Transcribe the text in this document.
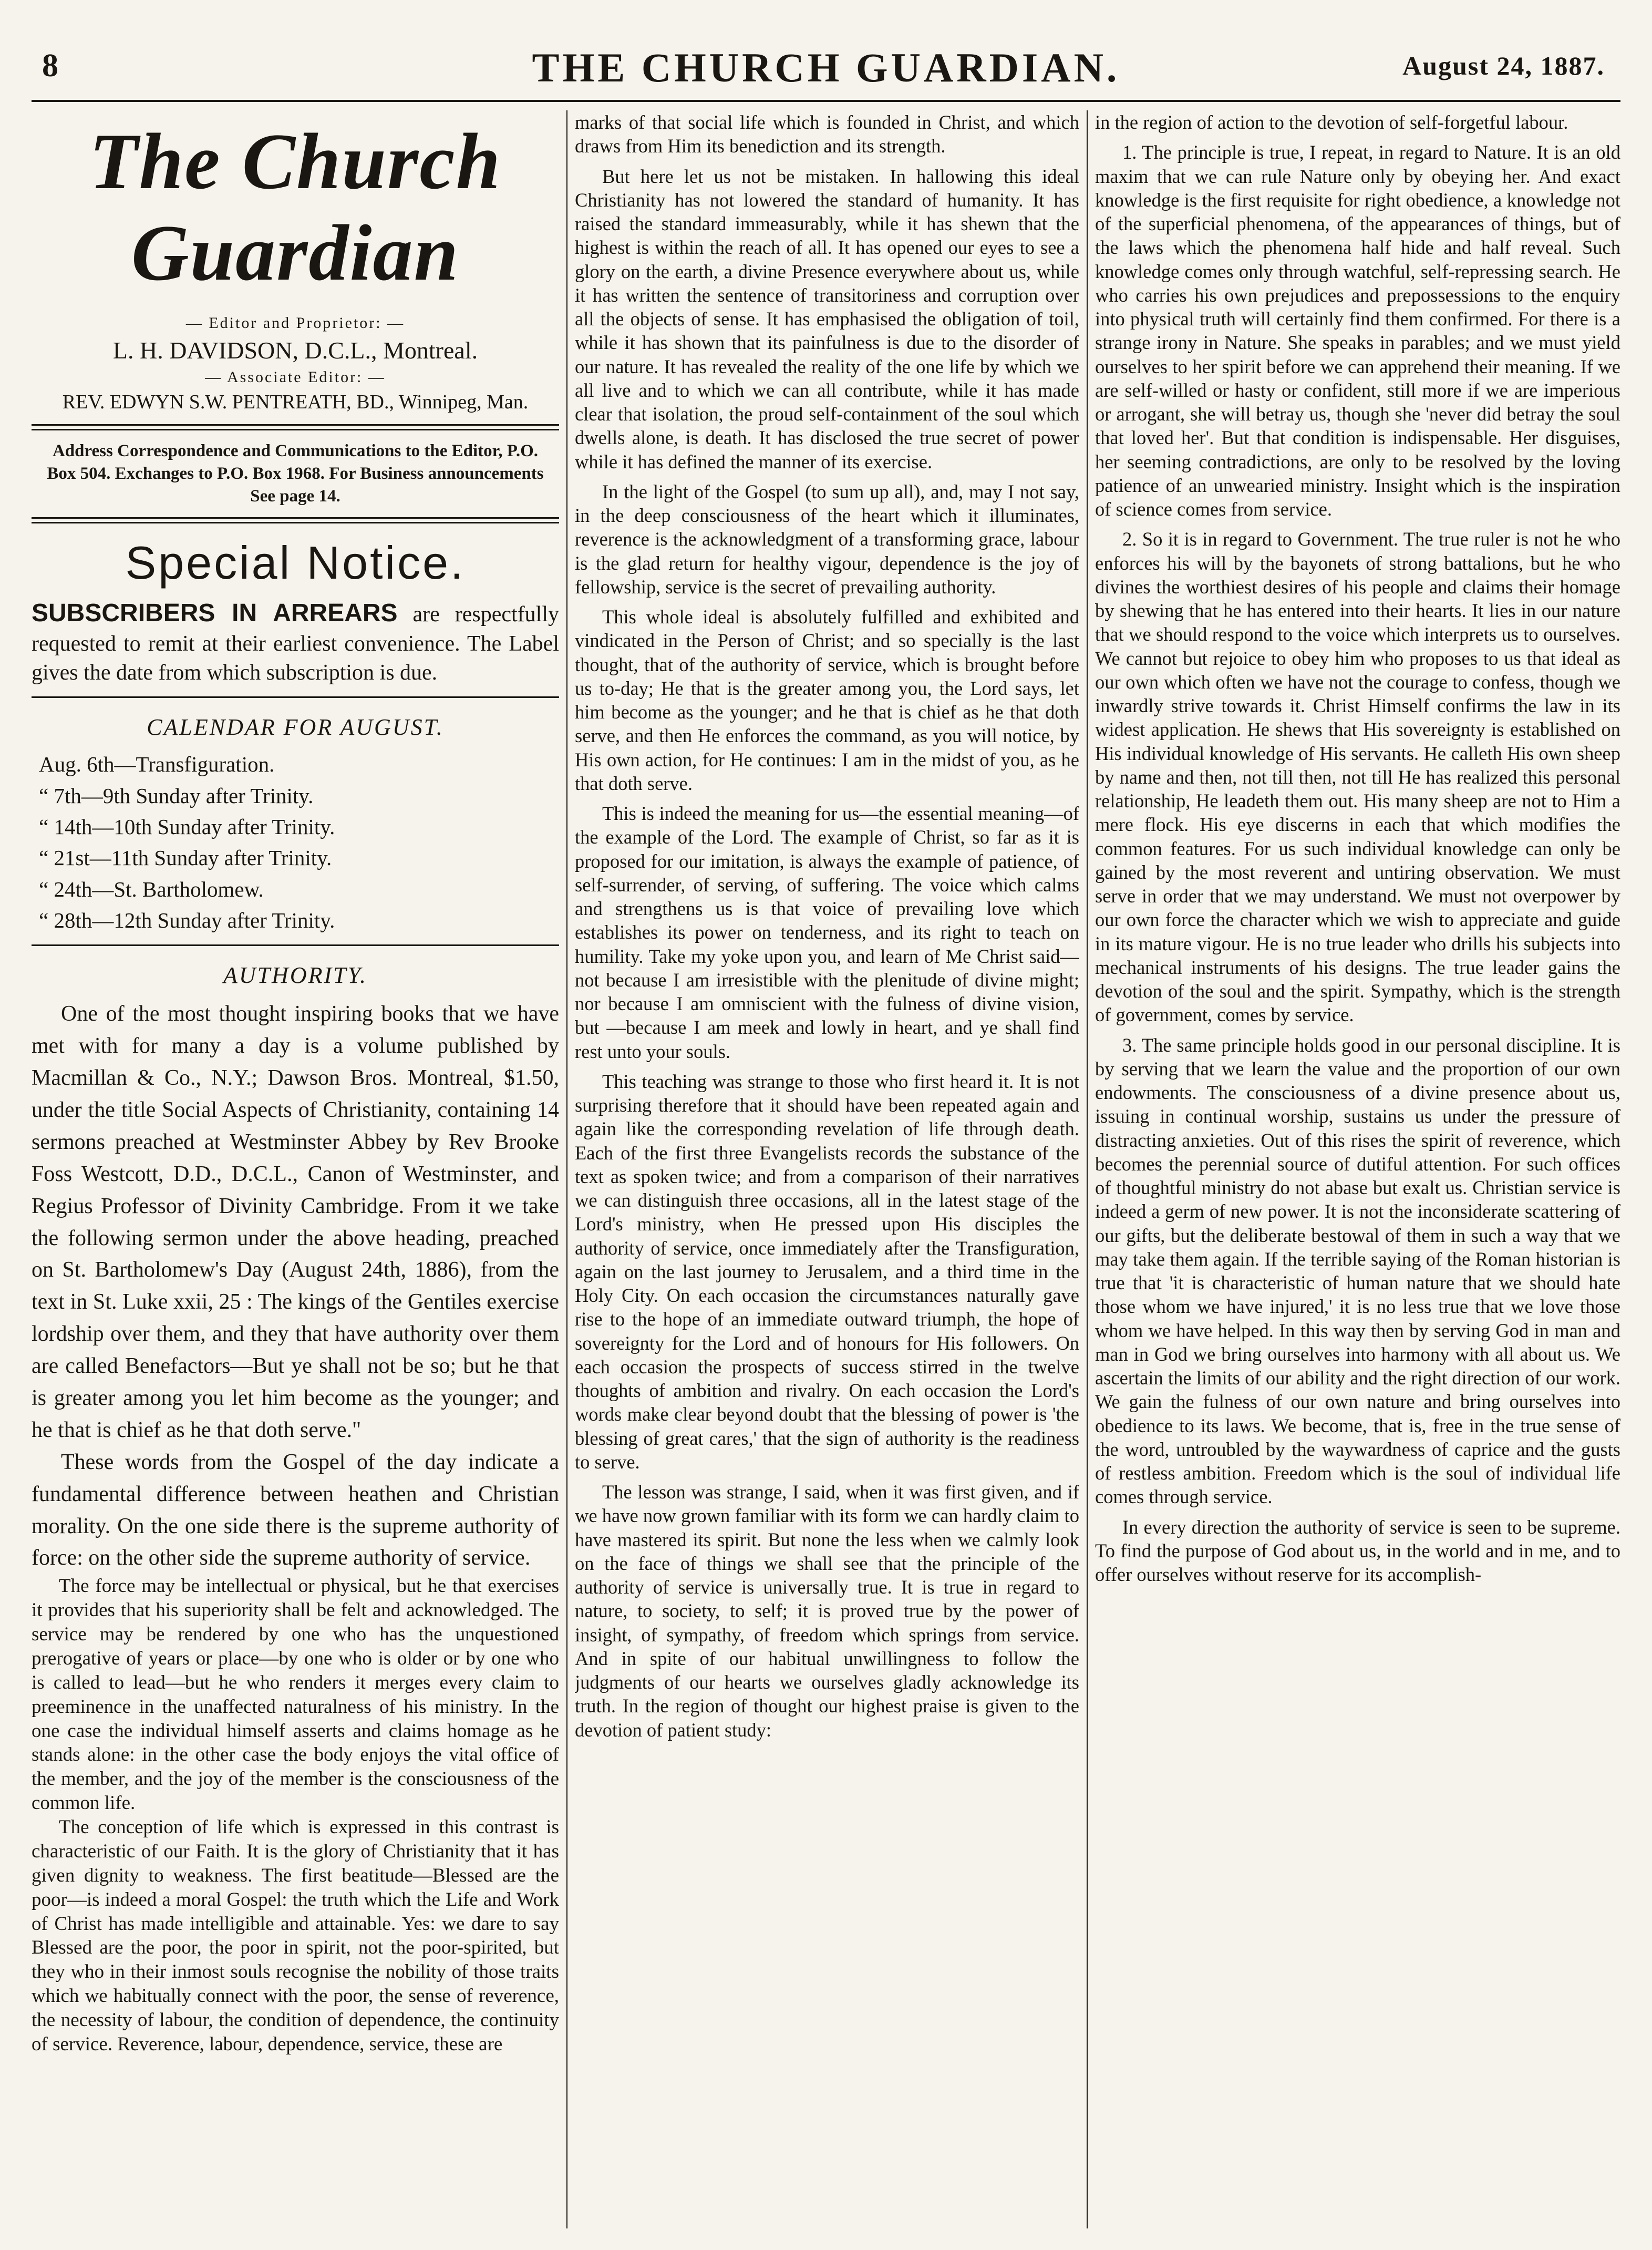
8	THE CHURCH GUARDIAN.	August 24, 1887.
The Church Guardian
— Editor and Proprietor: —
L. H. DAVIDSON, D.C.L., Montreal.
— Associate Editor: —
REV. EDWYN S.W. PENTREATH, BD., Winnipeg, Man.
Address Correspondence and Communications to the Editor, P.O. Box 504. Exchanges to P.O. Box 1968. For Business announcements See page 14.
Special Notice.
SUBSCRIBERS IN ARREARS are respectfully requested to remit at their earliest convenience. The Label gives the date from which subscription is due.
CALENDAR FOR AUGUST.
Aug. 6th—Transfiguration.
“ 7th—9th Sunday after Trinity.
“ 14th—10th Sunday after Trinity.
“ 21st—11th Sunday after Trinity.
“ 24th—St. Bartholomew.
“ 28th—12th Sunday after Trinity.
AUTHORITY.

One of the most thought inspiring books that we have met with for many a day is a volume published by Macmillan & Co., N.Y.; Dawson Bros. Montreal, $1.50, under the title Social Aspects of Christianity, containing 14 sermons preached at Westminster Abbey by Rev Brooke Foss Westcott, D.D., D.C.L., Canon of Westminster, and Regius Professor of Divinity Cambridge. From it we take the following sermon under the above heading, preached on St. Bartholomew's Day (August 24th, 1886), from the text in St. Luke xxii, 25 : The kings of the Gentiles exercise lordship over them, and they that have authority over them are called Benefactors—But ye shall not be so; but he that is greater among you let him become as the younger; and he that is chief as he that doth serve."

These words from the Gospel of the day indicate a fundamental difference between heathen and Christian morality. On the one side there is the supreme authority of force: on the other side the supreme authority of service.

The force may be intellectual or physical, but he that exercises it provides that his superiority shall be felt and acknowledged. The service may be rendered by one who has the unquestioned prerogative of years or place—by one who is older or by one who is called to lead—but he who renders it merges every claim to preeminence in the unaffected naturalness of his ministry. In the one case the individual himself asserts and claims homage as he stands alone: in the other case the body enjoys the vital office of the member, and the joy of the member is the consciousness of the common life.

The conception of life which is expressed in this contrast is characteristic of our Faith. It is the glory of Christianity that it has given dignity to weakness. The first beatitude—Blessed are the poor—is indeed a moral Gospel: the truth which the Life and Work of Christ has made intelligible and attainable. Yes: we dare to say Blessed are the poor, the poor in spirit, not the poor-spirited, but they who in their inmost souls recognise the nobility of those traits which we habitually connect with the poor, the sense of reverence, the necessity of labour, the condition of dependence, the continuity of service. Reverence, labour, dependence, service, these are

marks of that social life which is founded in Christ, and which draws from Him its benediction and its strength.

But here let us not be mistaken. In hallowing this ideal Christianity has not lowered the standard of humanity. It has raised the standard immeasurably, while it has shewn that the highest is within the reach of all. It has opened our eyes to see a glory on the earth, a divine Presence everywhere about us, while it has written the sentence of transitoriness and corruption over all the objects of sense. It has emphasised the obligation of toil, while it has shown that its painfulness is due to the disorder of our nature. It has revealed the reality of the one life by which we all live and to which we can all contribute, while it has made clear that isolation, the proud self-containment of the soul which dwells alone, is death. It has disclosed the true secret of power while it has defined the manner of its exercise.

In the light of the Gospel (to sum up all), and, may I not say, in the deep consciousness of the heart which it illuminates, reverence is the acknowledgment of a transforming grace, labour is the glad return for healthy vigour, dependence is the joy of fellowship, service is the secret of prevailing authority.

This whole ideal is absolutely fulfilled and exhibited and vindicated in the Person of Christ; and so specially is the last thought, that of the authority of service, which is brought before us to-day; He that is the greater among you, the Lord says, let him become as the younger; and he that is chief as he that doth serve, and then He enforces the command, as you will notice, by His own action, for He continues: I am in the midst of you, as he that doth serve.

This is indeed the meaning for us—the essential meaning—of the example of the Lord. The example of Christ, so far as it is proposed for our imitation, is always the example of patience, of self-surrender, of serving, of suffering. The voice which calms and strengthens us is that voice of prevailing love which establishes its power on tenderness, and its right to teach on humility. Take my yoke upon you, and learn of Me Christ said—not because I am irresistible with the plenitude of divine might; nor because I am omniscient with the fulness of divine vision, but —because I am meek and lowly in heart, and ye shall find rest unto your souls.

This teaching was strange to those who first heard it. It is not surprising therefore that it should have been repeated again and again like the corresponding revelation of life through death. Each of the first three Evangelists records the substance of the text as spoken twice; and from a comparison of their narratives we can distinguish three occasions, all in the latest stage of the Lord's ministry, when He pressed upon His disciples the authority of service, once immediately after the Transfiguration, again on the last journey to Jerusalem, and a third time in the Holy City. On each occasion the circumstances naturally gave rise to the hope of an immediate outward triumph, the hope of sovereignty for the Lord and of honours for His followers. On each occasion the prospects of success stirred in the twelve thoughts of ambition and rivalry. On each occasion the Lord's words make clear beyond doubt that the blessing of power is 'the blessing of great cares,' that the sign of authority is the readiness to serve.

The lesson was strange, I said, when it was first given, and if we have now grown familiar with its form we can hardly claim to have mastered its spirit. But none the less when we calmly look on the face of things we shall see that the principle of the authority of service is universally true. It is true in regard to nature, to society, to self; it is proved true by the power of insight, of sympathy, of freedom which springs from service. And in spite of our habitual unwillingness to follow the judgments of our hearts we ourselves gladly acknowledge its truth. In the region of thought our highest praise is given to the devotion of patient study:

in the region of action to the devotion of self-forgetful labour.

1. The principle is true, I repeat, in regard to Nature. It is an old maxim that we can rule Nature only by obeying her. And exact knowledge is the first requisite for right obedience, a knowledge not of the superficial phenomena, of the appearances of things, but of the laws which the phenomena half hide and half reveal. Such knowledge comes only through watchful, self-repressing search. He who carries his own prejudices and prepossessions to the enquiry into physical truth will certainly find them confirmed. For there is a strange irony in Nature. She speaks in parables; and we must yield ourselves to her spirit before we can apprehend their meaning. If we are self-willed or hasty or confident, still more if we are imperious or arrogant, she will betray us, though she 'never did betray the soul that loved her'. But that condition is indispensable. Her disguises, her seeming contradictions, are only to be resolved by the loving patience of an unwearied ministry. Insight which is the inspiration of science comes from service.

2. So it is in regard to Government. The true ruler is not he who enforces his will by the bayonets of strong battalions, but he who divines the worthiest desires of his people and claims their homage by shewing that he has entered into their hearts. It lies in our nature that we should respond to the voice which interprets us to ourselves. We cannot but rejoice to obey him who proposes to us that ideal as our own which often we have not the courage to confess, though we inwardly strive towards it. Christ Himself confirms the law in its widest application. He shews that His sovereignty is established on His individual knowledge of His servants. He calleth His own sheep by name and then, not till then, not till He has realized this personal relationship, He leadeth them out. His many sheep are not to Him a mere flock. His eye discerns in each that which modifies the common features. For us such individual knowledge can only be gained by the most reverent and untiring observation. We must serve in order that we may understand. We must not overpower by our own force the character which we wish to appreciate and guide in its mature vigour. He is no true leader who drills his subjects into mechanical instruments of his designs. The true leader gains the devotion of the soul and the spirit. Sympathy, which is the strength of government, comes by service.

3. The same principle holds good in our personal discipline. It is by serving that we learn the value and the proportion of our own endowments. The consciousness of a divine presence about us, issuing in continual worship, sustains us under the pressure of distracting anxieties. Out of this rises the spirit of reverence, which becomes the perennial source of dutiful attention. For such offices of thoughtful ministry do not abase but exalt us. Christian service is indeed a germ of new power. It is not the inconsiderate scattering of our gifts, but the deliberate bestowal of them in such a way that we may take them again. If the terrible saying of the Roman historian is true that 'it is characteristic of human nature that we should hate those whom we have injured,' it is no less true that we love those whom we have helped. In this way then by serving God in man and man in God we bring ourselves into harmony with all about us. We ascertain the limits of our ability and the right direction of our work. We gain the fulness of our own nature and bring ourselves into obedience to its laws. We become, that is, free in the true sense of the word, untroubled by the waywardness of caprice and the gusts of restless ambition. Freedom which is the soul of individual life comes through service.

In every direction the authority of service is seen to be supreme. To find the purpose of God about us, in the world and in me, and to offer ourselves without reserve for its accomplish-
